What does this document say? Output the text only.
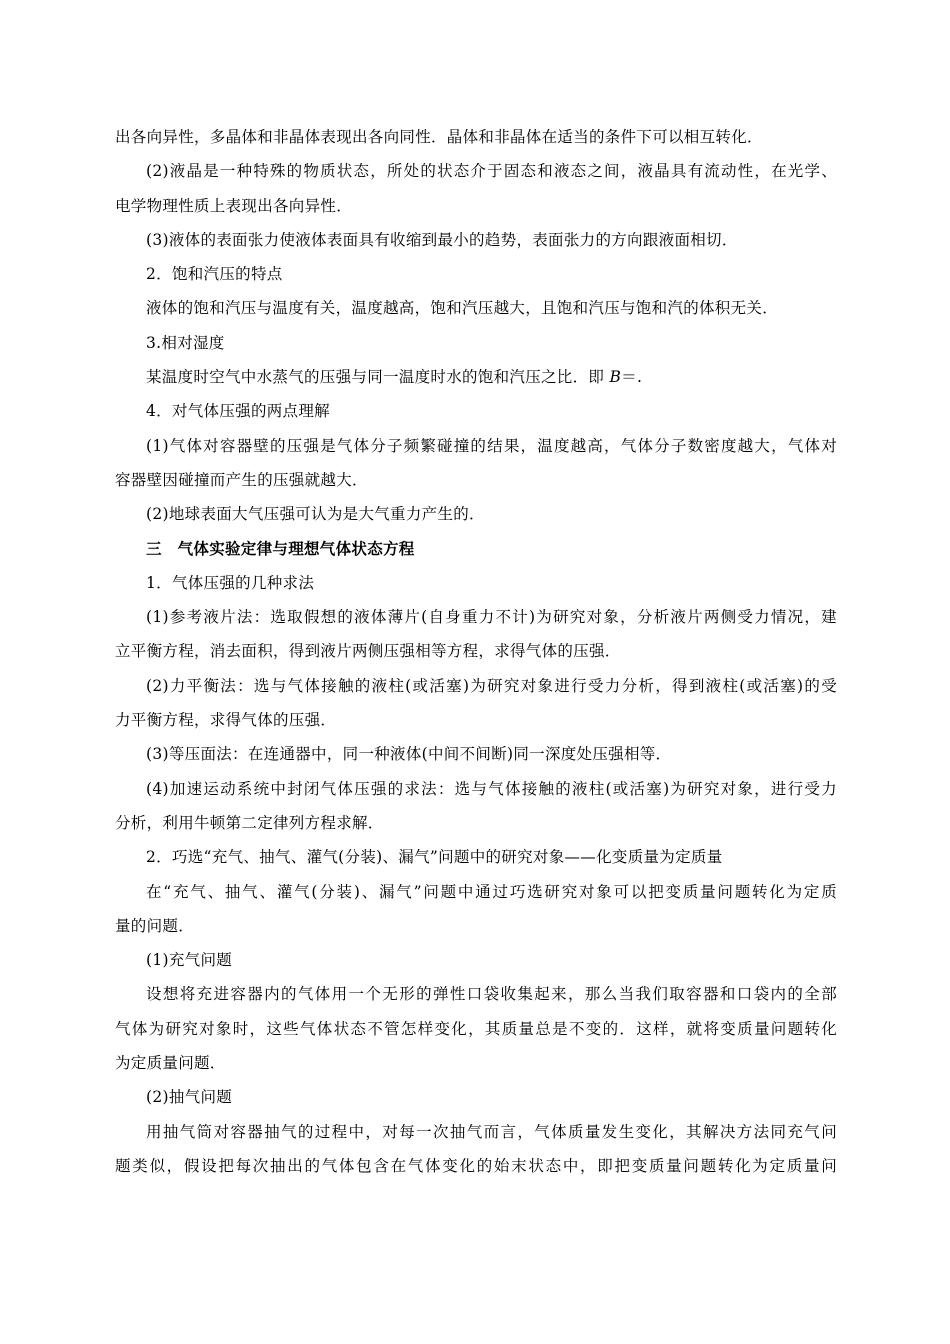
出各向异性，多晶体和非晶体表现出各向同性．晶体和非晶体在适当的条件下可以相互转化．
(2)液晶是一种特殊的物质状态，所处的状态介于固态和液态之间，液晶具有流动性，在光学、
电学物理性质上表现出各向异性．
(3)液体的表面张力使液体表面具有收缩到最小的趋势，表面张力的方向跟液面相切．
2．饱和汽压的特点
液体的饱和汽压与温度有关，温度越高，饱和汽压越大，且饱和汽压与饱和汽的体积无关．
3.相对湿度
某温度时空气中水蒸气的压强与同一温度时水的饱和汽压之比．即 B＝.
4．对气体压强的两点理解
(1)气体对容器壁的压强是气体分子频繁碰撞的结果，温度越高，气体分子数密度越大，气体对
容器壁因碰撞而产生的压强就越大．
(2)地球表面大气压强可认为是大气重力产生的．
三　气体实验定律与理想气体状态方程
1．气体压强的几种求法
(1)参考液片法：选取假想的液体薄片(自身重力不计)为研究对象，分析液片两侧受力情况，建
立平衡方程，消去面积，得到液片两侧压强相等方程，求得气体的压强．
(2)力平衡法：选与气体接触的液柱(或活塞)为研究对象进行受力分析，得到液柱(或活塞)的受
力平衡方程，求得气体的压强．
(3)等压面法：在连通器中，同一种液体(中间不间断)同一深度处压强相等．
(4)加速运动系统中封闭气体压强的求法：选与气体接触的液柱(或活塞)为研究对象，进行受力
分析，利用牛顿第二定律列方程求解．
2．巧选“充气、抽气、灌气(分装)、漏气”问题中的研究对象——化变质量为定质量
在“充气、抽气、灌气(分装)、漏气”问题中通过巧选研究对象可以把变质量问题转化为定质
量的问题．
(1)充气问题
设想将充进容器内的气体用一个无形的弹性口袋收集起来，那么当我们取容器和口袋内的全部
气体为研究对象时，这些气体状态不管怎样变化，其质量总是不变的．这样，就将变质量问题转化
为定质量问题．
(2)抽气问题
用抽气筒对容器抽气的过程中，对每一次抽气而言，气体质量发生变化，其解决方法同充气问
题类似，假设把每次抽出的气体包含在气体变化的始末状态中，即把变质量问题转化为定质量问
